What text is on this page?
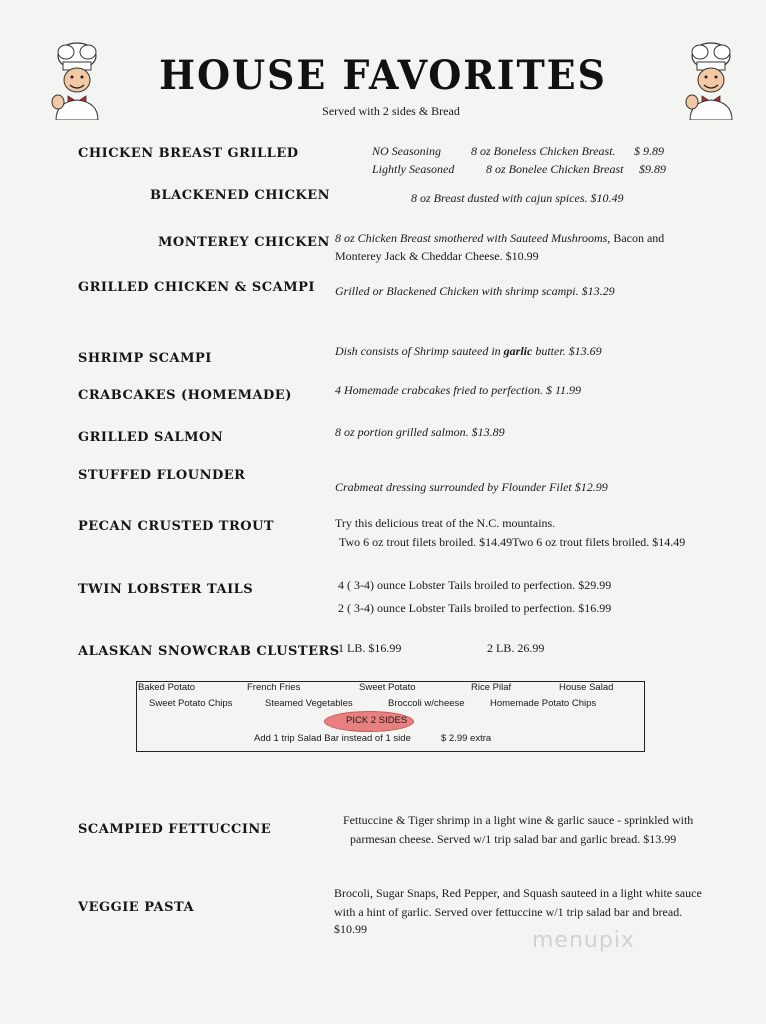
HOUSE FAVORITES
Served with 2 sides & Bread
CHICKEN BREAST GRILLED	NO Seasoning	8 oz Boneless Chicken Breast. $ 9.89
Lightly Seasoned	8 oz Bonelee Chicken Breast $9.89
BLACKENED CHICKEN	8 oz Breast dusted with cajun spices. $10.49
MONTEREY CHICKEN 8 oz Chicken Breast smothered with Sauteed Mushrooms, Bacon and
Monterey Jack & Cheddar Cheese. $10.99
GRILLED CHICKEN & SCAMPI Grilled or Blackened Chicken with shrimp scampi. $13.29
SHRIMP SCAMPI	Dish consists of Shrimp sauteed in garlic butter. $13.69
CRABCAKES (HOMEMADE)	4 Homemade crabcakes fried to perfection. $ 11.99
GRILLED SALMON	8 oz portion grilled salmon. $13.89
STUFFED FLOUNDER
Crabmeat dressing surrounded by Flounder Filet $12.99
PECAN CRUSTED TROUT	Try this delicious treat of the N.C. mountains.
Two 6 oz trout filets broiled. $14.49Two 6 oz trout filets broiled. $14.49
TWIN LOBSTER TAILS	4 ( 3-4) ounce Lobster Tails broiled to perfection. $29.99
2 ( 3-4) ounce Lobster Tails broiled to perfection. $16.99
ALASKAN SNOWCRAB CLUSTERS
1 LB. $16.99	2 LB. 26.99
Baked Potato	French Fries	Sweet Potato	Rice Pilaf	House Salad
Sweet Potato Chips	Steamed Vegetables	Broccoli w/cheese	Homemade Potato Chips
PICK 2 SIDES
Add 1 trip Salad Bar instead of 1 side	$ 2.99 extra
SCAMPIED FETTUCCINE
Fettuccine & Tiger shrimp in a light wine & garlic sauce - sprinkled with
parmesan cheese. Served w/1 trip salad bar and garlic bread. $13.99
VEGGIE PASTA
Brocoli, Sugar Snaps, Red Pepper, and Squash sauteed in a light white sauce
with a hint of garlic. Served over fettuccine w/1 trip salad bar and bread.
$10.99	menupix
